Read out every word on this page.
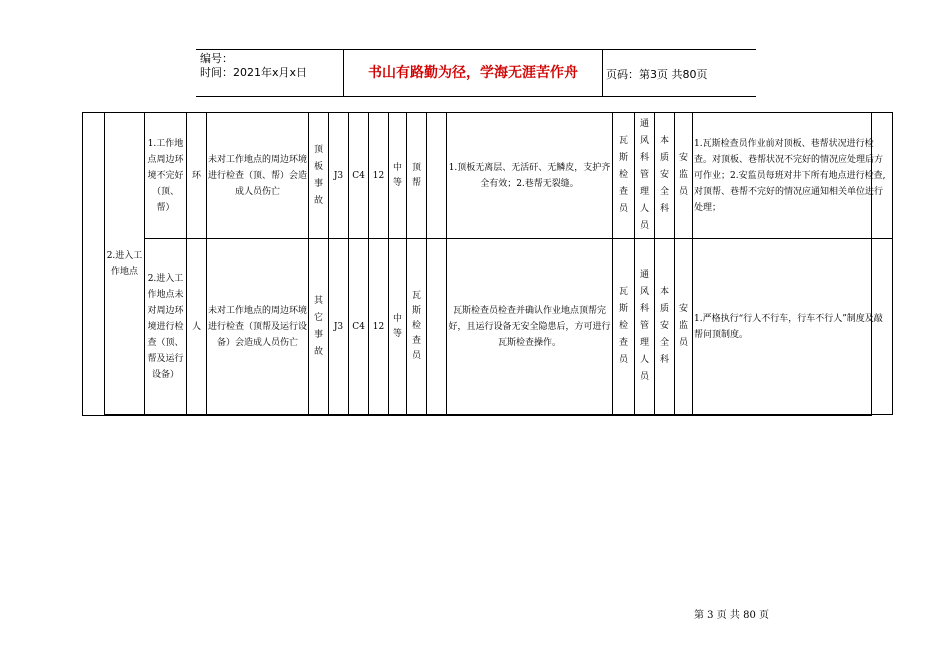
编号：
时间：2021年x月x日	书山有路勤为径，学海无涯苦作舟	页码：第3页 共80页
2.进入工作地点	1.工作地点周边环境不完好（顶、帮）	环	未对工作地点的周边环境进行检查（顶、帮）会造成人员伤亡	顶板事故	J3	C4	12	中等	顶帮		1.顶板无离层、无活矸、无鳞皮，支护齐全有效；2.巷帮无裂缝。	瓦斯检查员	通风科管理人员	本质安全科	安监员	1.瓦斯检查员作业前对顶板、巷帮状况进行检查。对顶板、巷帮状况不完好的情况应处理后方可作业；2.安监员每班对井下所有地点进行检查,对顶帮、巷帮不完好的情况应通知相关单位进行处理；
	2.进入工作地点未对周边环境进行检查（顶、帮及运行设备）	人	未对工作地点的周边环境进行检查（顶帮及运行设备）会造成人员伤亡	其它事故	J3	C4	12	中等	瓦斯检查员		瓦斯检查员检查并确认作业地点顶帮完好，且运行设备无安全隐患后，方可进行瓦斯检查操作。	瓦斯检查员	通风科管理人员	本质安全科	安监员	1.严格执行“行人不行车，行车不行人”制度及敲帮问顶制度。
第 3 页 共 80 页
